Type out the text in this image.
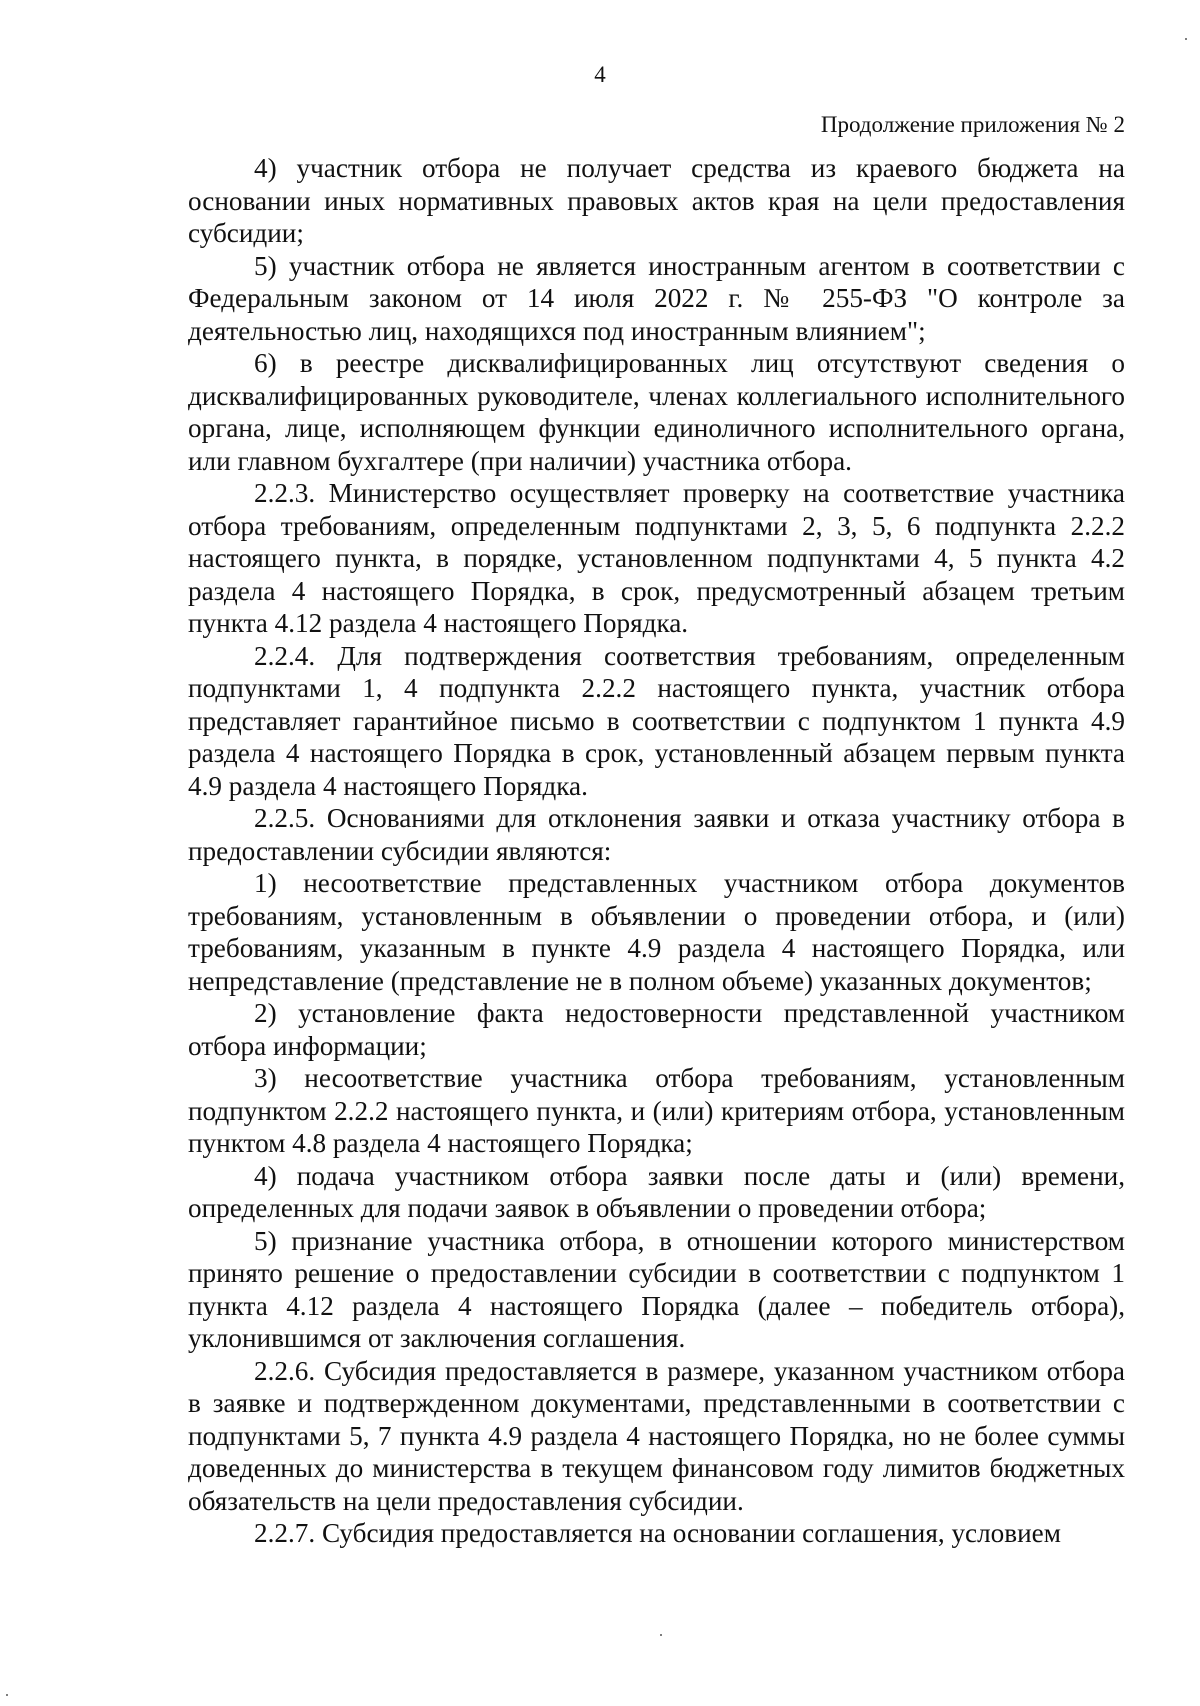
4
Продолжение приложения № 2

4) участник отбора не получает средства из краевого бюджета на основании иных нормативных правовых актов края на цели предоставления субсидии;

5) участник отбора не является иностранным агентом в соответствии с Федеральным законом от 14 июля 2022 г. № 255-ФЗ "О контроле за деятельностью лиц, находящихся под иностранным влиянием";

6) в реестре дисквалифицированных лиц отсутствуют сведения о дисквалифицированных руководителе, членах коллегиального исполнительного органа, лице, исполняющем функции единоличного исполнительного органа, или главном бухгалтере (при наличии) участника отбора.

2.2.3. Министерство осуществляет проверку на соответствие участника отбора требованиям, определенным подпунктами 2, 3, 5, 6 подпункта 2.2.2 настоящего пункта, в порядке, установленном подпунктами 4, 5 пункта 4.2 раздела 4 настоящего Порядка, в срок, предусмотренный абзацем третьим пункта 4.12 раздела 4 настоящего Порядка.

2.2.4. Для подтверждения соответствия требованиям, определенным подпунктами 1, 4 подпункта 2.2.2 настоящего пункта, участник отбора представляет гарантийное письмо в соответствии с подпунктом 1 пункта 4.9 раздела 4 настоящего Порядка в срок, установленный абзацем первым пункта 4.9 раздела 4 настоящего Порядка.

2.2.5. Основаниями для отклонения заявки и отказа участнику отбора в предоставлении субсидии являются:

1) несоответствие представленных участником отбора документов требованиям, установленным в объявлении о проведении отбора, и (или) требованиям, указанным в пункте 4.9 раздела 4 настоящего Порядка, или непредставление (представление не в полном объеме) указанных документов;

2) установление факта недостоверности представленной участником отбора информации;

3) несоответствие участника отбора требованиям, установленным подпунктом 2.2.2 настоящего пункта, и (или) критериям отбора, установленным пунктом 4.8 раздела 4 настоящего Порядка;

4) подача участником отбора заявки после даты и (или) времени, определенных для подачи заявок в объявлении о проведении отбора;

5) признание участника отбора, в отношении которого министерством принято решение о предоставлении субсидии в соответствии с подпунктом 1 пункта 4.12 раздела 4 настоящего Порядка (далее – победитель отбора), уклонившимся от заключения соглашения.

2.2.6. Субсидия предоставляется в размере, указанном участником отбора в заявке и подтвержденном документами, представленными в соответствии с подпунктами 5, 7 пункта 4.9 раздела 4 настоящего Порядка, но не более суммы доведенных до министерства в текущем финансовом году лимитов бюджетных обязательств на цели предоставления субсидии.

2.2.7. Субсидия предоставляется на основании соглашения, условием
